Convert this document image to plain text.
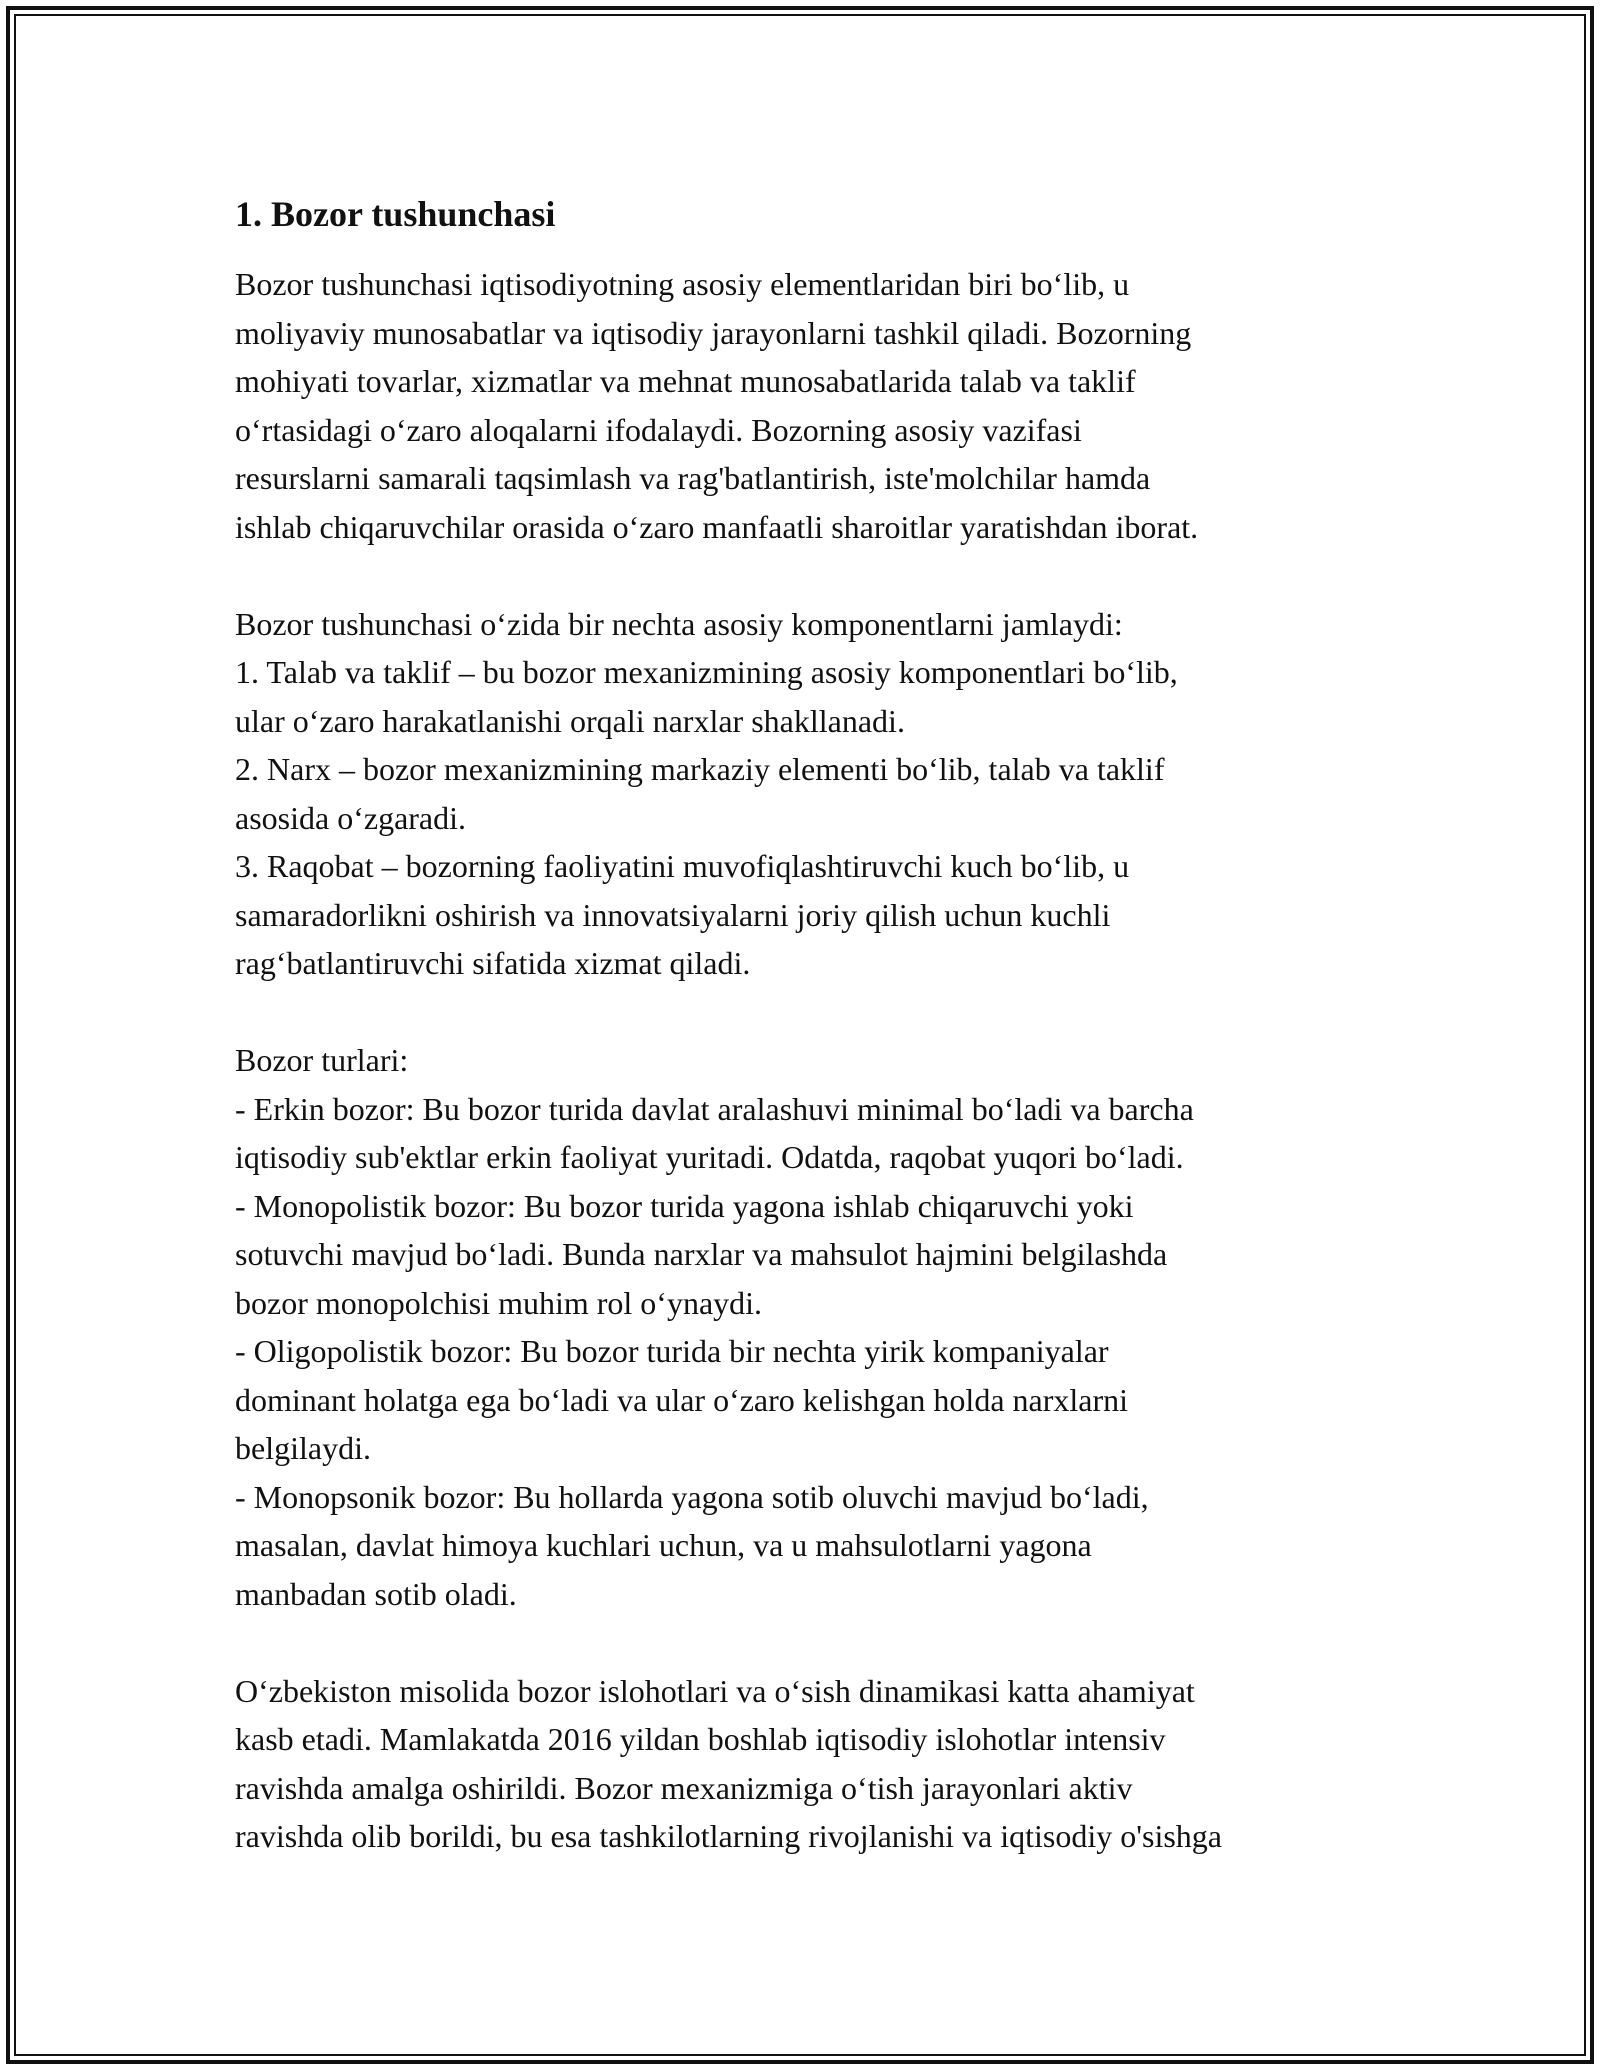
1. Bozor tushunchasi
Bozor tushunchasi iqtisodiyotning asosiy elementlaridan biri boʻlib, u
moliyaviy munosabatlar va iqtisodiy jarayonlarni tashkil qiladi. Bozorning
mohiyati tovarlar, xizmatlar va mehnat munosabatlarida talab va taklif
oʻrtasidagi oʻzaro aloqalarni ifodalaydi. Bozorning asosiy vazifasi
resurslarni samarali taqsimlash va rag'batlantirish, iste'molchilar hamda
ishlab chiqaruvchilar orasida oʻzaro manfaatli sharoitlar yaratishdan iborat.
Bozor tushunchasi oʻzida bir nechta asosiy komponentlarni jamlaydi:
1. Talab va taklif – bu bozor mexanizmining asosiy komponentlari boʻlib,
ular oʻzaro harakatlanishi orqali narxlar shakllanadi.
2. Narx – bozor mexanizmining markaziy elementi boʻlib, talab va taklif
asosida oʻzgaradi.
3. Raqobat – bozorning faoliyatini muvofiqlashtiruvchi kuch boʻlib, u
samaradorlikni oshirish va innovatsiyalarni joriy qilish uchun kuchli
ragʻbatlantiruvchi sifatida xizmat qiladi.
Bozor turlari:
- Erkin bozor: Bu bozor turida davlat aralashuvi minimal boʻladi va barcha
iqtisodiy sub'ektlar erkin faoliyat yuritadi. Odatda, raqobat yuqori boʻladi.
- Monopolistik bozor: Bu bozor turida yagona ishlab chiqaruvchi yoki
sotuvchi mavjud boʻladi. Bunda narxlar va mahsulot hajmini belgilashda
bozor monopolchisi muhim rol oʻynaydi.
- Oligopolistik bozor: Bu bozor turida bir nechta yirik kompaniyalar
dominant holatga ega boʻladi va ular oʻzaro kelishgan holda narxlarni
belgilaydi.
- Monopsonik bozor: Bu hollarda yagona sotib oluvchi mavjud boʻladi,
masalan, davlat himoya kuchlari uchun, va u mahsulotlarni yagona
manbadan sotib oladi.
Oʻzbekiston misolida bozor islohotlari va oʻsish dinamikasi katta ahamiyat
kasb etadi. Mamlakatda 2016 yildan boshlab iqtisodiy islohotlar intensiv
ravishda amalga oshirildi. Bozor mexanizmiga oʻtish jarayonlari aktiv
ravishda olib borildi, bu esa tashkilotlarning rivojlanishi va iqtisodiy o'sishga
